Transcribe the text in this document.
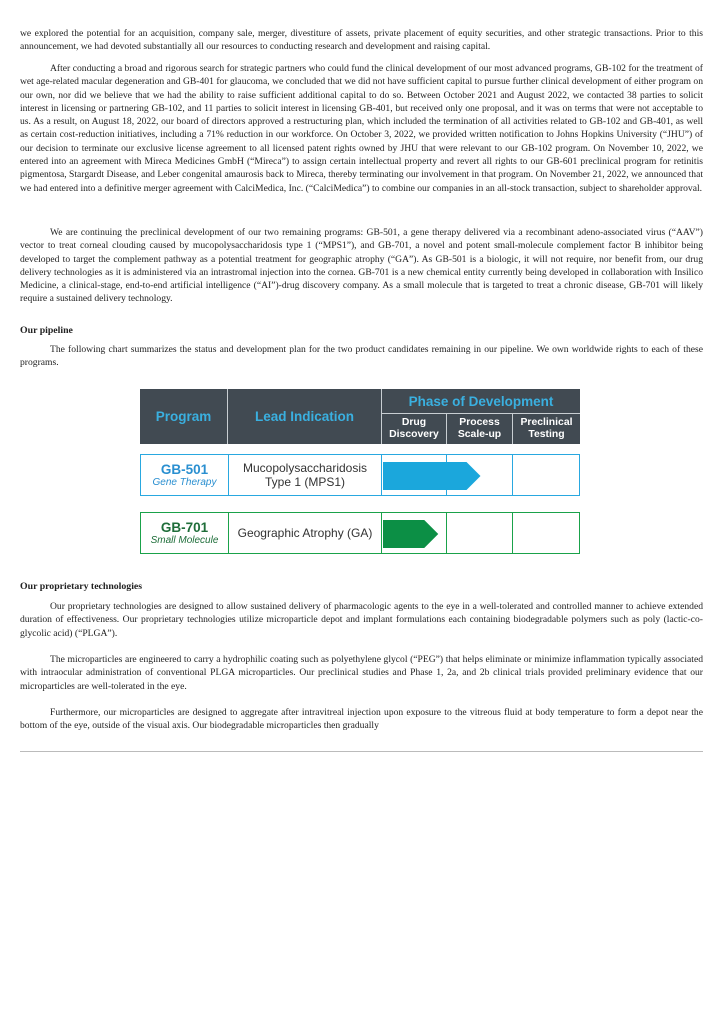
we explored the potential for an acquisition, company sale, merger, divestiture of assets, private placement of equity securities, and other strategic transactions. Prior to this announcement, we had devoted substantially all our resources to conducting research and development and raising capital.

After conducting a broad and rigorous search for strategic partners who could fund the clinical development of our most advanced programs, GB-102 for the treatment of wet age-related macular degeneration and GB-401 for glaucoma, we concluded that we did not have sufficient capital to pursue further clinical development of either program on our own, nor did we believe that we had the ability to raise sufficient additional capital to do so. Between October 2021 and August 2022, we contacted 38 parties to solicit interest in licensing or partnering GB-102, and 11 parties to solicit interest in licensing GB-401, but received only one proposal, and it was on terms that were not acceptable to us. As a result, on August 18, 2022, our board of directors approved a restructuring plan, which included the termination of all activities related to GB-102 and GB-401, as well as certain cost-reduction initiatives, including a 71% reduction in our workforce. On October 3, 2022, we provided written notification to Johns Hopkins University (“JHU”) of our decision to terminate our exclusive license agreement to all licensed patent rights owned by JHU that were relevant to our GB-102 program. On November 10, 2022, we entered into an agreement with Mireca Medicines GmbH (“Mireca”) to assign certain intellectual property and revert all rights to our GB-601 preclinical program for retinitis pigmentosa, Stargardt Disease, and Leber congenital amaurosis back to Mireca, thereby terminating our involvement in that program. On November 21, 2022, we announced that we had entered into a definitive merger agreement with CalciMedica, Inc. (“CalciMedica”) to combine our companies in an all-stock transaction, subject to shareholder approval.

We are continuing the preclinical development of our two remaining programs: GB-501, a gene therapy delivered via a recombinant adeno-associated virus (“AAV”) vector to treat corneal clouding caused by mucopolysaccharidosis type 1 (“MPS1”), and GB-701, a novel and potent small-molecule complement factor B inhibitor being developed to target the complement pathway as a potential treatment for geographic atrophy (“GA”). As GB-501 is a biologic, it will not require, nor benefit from, our drug delivery technologies as it is administered via an intrastromal injection into the cornea. GB-701 is a new chemical entity currently being developed in collaboration with Insilico Medicine, a clinical-stage, end-to-end artificial intelligence (“AI”)-drug discovery company. As a small molecule that is targeted to treat a chronic disease, GB-701 will likely require a sustained delivery technology.

Our pipeline

The following chart summarizes the status and development plan for the two product candidates remaining in our pipeline. We own worldwide rights to each of these programs.

Our proprietary technologies

Our proprietary technologies are designed to allow sustained delivery of pharmacologic agents to the eye in a well-tolerated and controlled manner to achieve extended duration of effectiveness. Our proprietary technologies utilize microparticle depot and implant formulations each containing biodegradable polymers such as poly (lactic-co-glycolic acid) (“PLGA”).

The microparticles are engineered to carry a hydrophilic coating such as polyethylene glycol (“PEG”) that helps eliminate or minimize inflammation typically associated with intraocular administration of conventional PLGA microparticles. Our preclinical studies and Phase 1, 2a, and 2b clinical trials provided preliminary evidence that our microparticles are well-tolerated in the eye.

Furthermore, our microparticles are designed to aggregate after intravitreal injection upon exposure to the vitreous fluid at body temperature to form a depot near the bottom of the eye, outside of the visual axis. Our biodegradable microparticles then gradually

Program	Lead Indication
Phase of Development
Drug
Discovery
Process
Scale-up
Preclinical
Testing
GB-501
Gene Therapy
Mucopolysaccharidosis
Type 1 (MPS1)
GB-701
Small Molecule Geographic Atrophy (GA)
